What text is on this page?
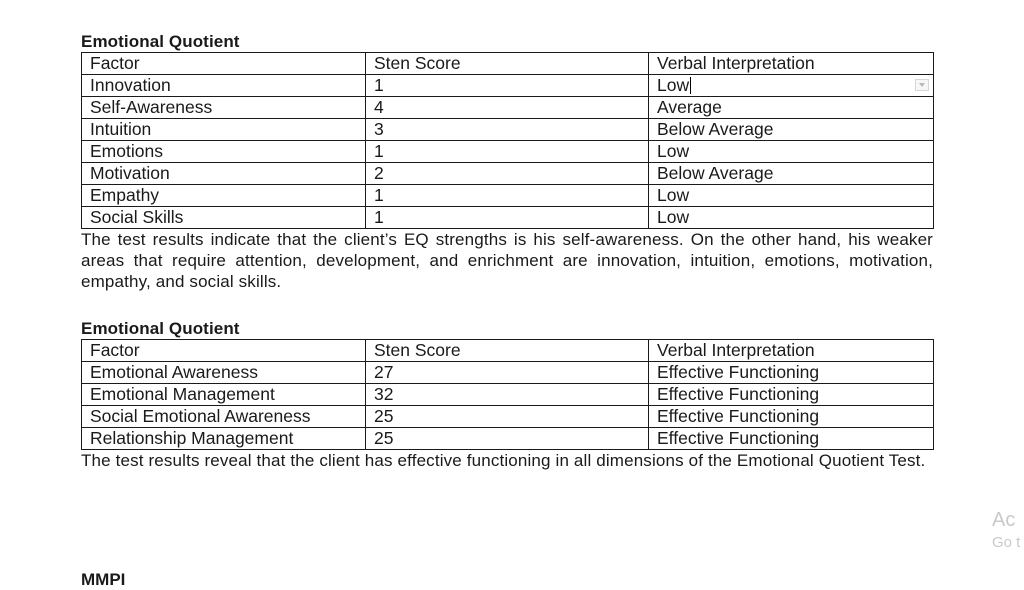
Emotional Quotient
Factor	Sten Score	Verbal Interpretation
Innovation	1	Low

Self-Awareness	4	Average
Intuition	3	Below Average
Emotions	1	Low
Motivation	2	Below Average
Empathy	1	Low
Social Skills	1	Low

The test results indicate that the client’s EQ strengths is his self-awareness. On the other hand, his weaker areas that require attention, development, and enrichment are innovation, intuition, emotions, motivation, empathy, and social skills.

Emotional Quotient
Factor	Sten Score	Verbal Interpretation
Emotional Awareness	27	Effective Functioning
Emotional Management	32	Effective Functioning
Social Emotional Awareness	25	Effective Functioning
Relationship Management	25	Effective Functioning

The test results reveal that the client has effective functioning in all dimensions of the Emotional Quotient Test.

MMPI
Ac
Go t
